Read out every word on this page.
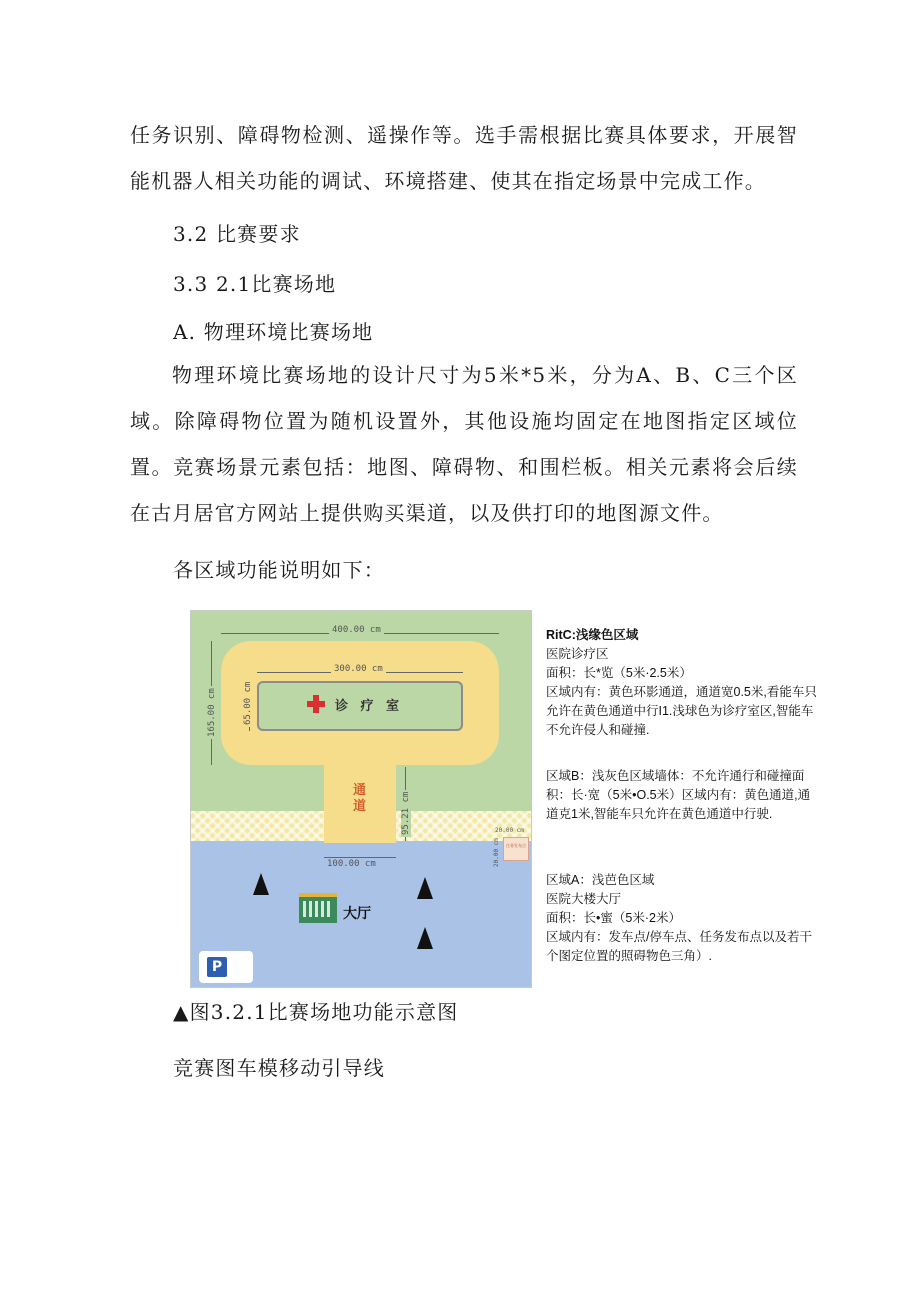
任务识别、障碍物检测、遥操作等。选手需根据比赛具体要求，开展智能机器人相关功能的调试、环境搭建、使其在指定场景中完成工作。

3.2 比赛要求

3.3 2.1比赛场地

A. 物理环境比赛场地

物理环境比赛场地的设计尺寸为5米*5米，分为A、B、C三个区域。除障碍物位置为随机设置外，其他设施均固定在地图指定区域位置。竞赛场景元素包括：地图、障碍物、和围栏板。相关元素将会后续在古月居官方网站上提供购买渠道，以及供打印的地图源文件。

各区域功能说明如下：

诊 疗 室
通道
400.00 cm
300.00 cm
165.00 cm	65.00 cm
95.21 cm
100.00 cm
20.00 cm
20.00 cm	任务发布点
大厅
P

RitC:浅缘色区域

医院诊疗区

面积：长*览（5米·2.5米）

区域内有：黄色环影通道，通道宽0.5米,看能车只允许在黄色通道中行I1.浅球色为诊疗室区,智能车不允许侵人和碰撞.

区域B：浅灰色区域墙体：不允许通行和碰撞面积：长·宽（5米•O.5米）区域内有：黄色通道,通道克1米,智能车只允许在黄色通道中行驶.

区域A：浅芭色区域

医院大楼大厅

面积：长•蜜（5米·2米）

区域内有：发车点/停车点、任务发布点以及若干个图定位置的照碍物色三角）.

▲图3.2.1比赛场地功能示意图

竞赛图车模移动引导线
